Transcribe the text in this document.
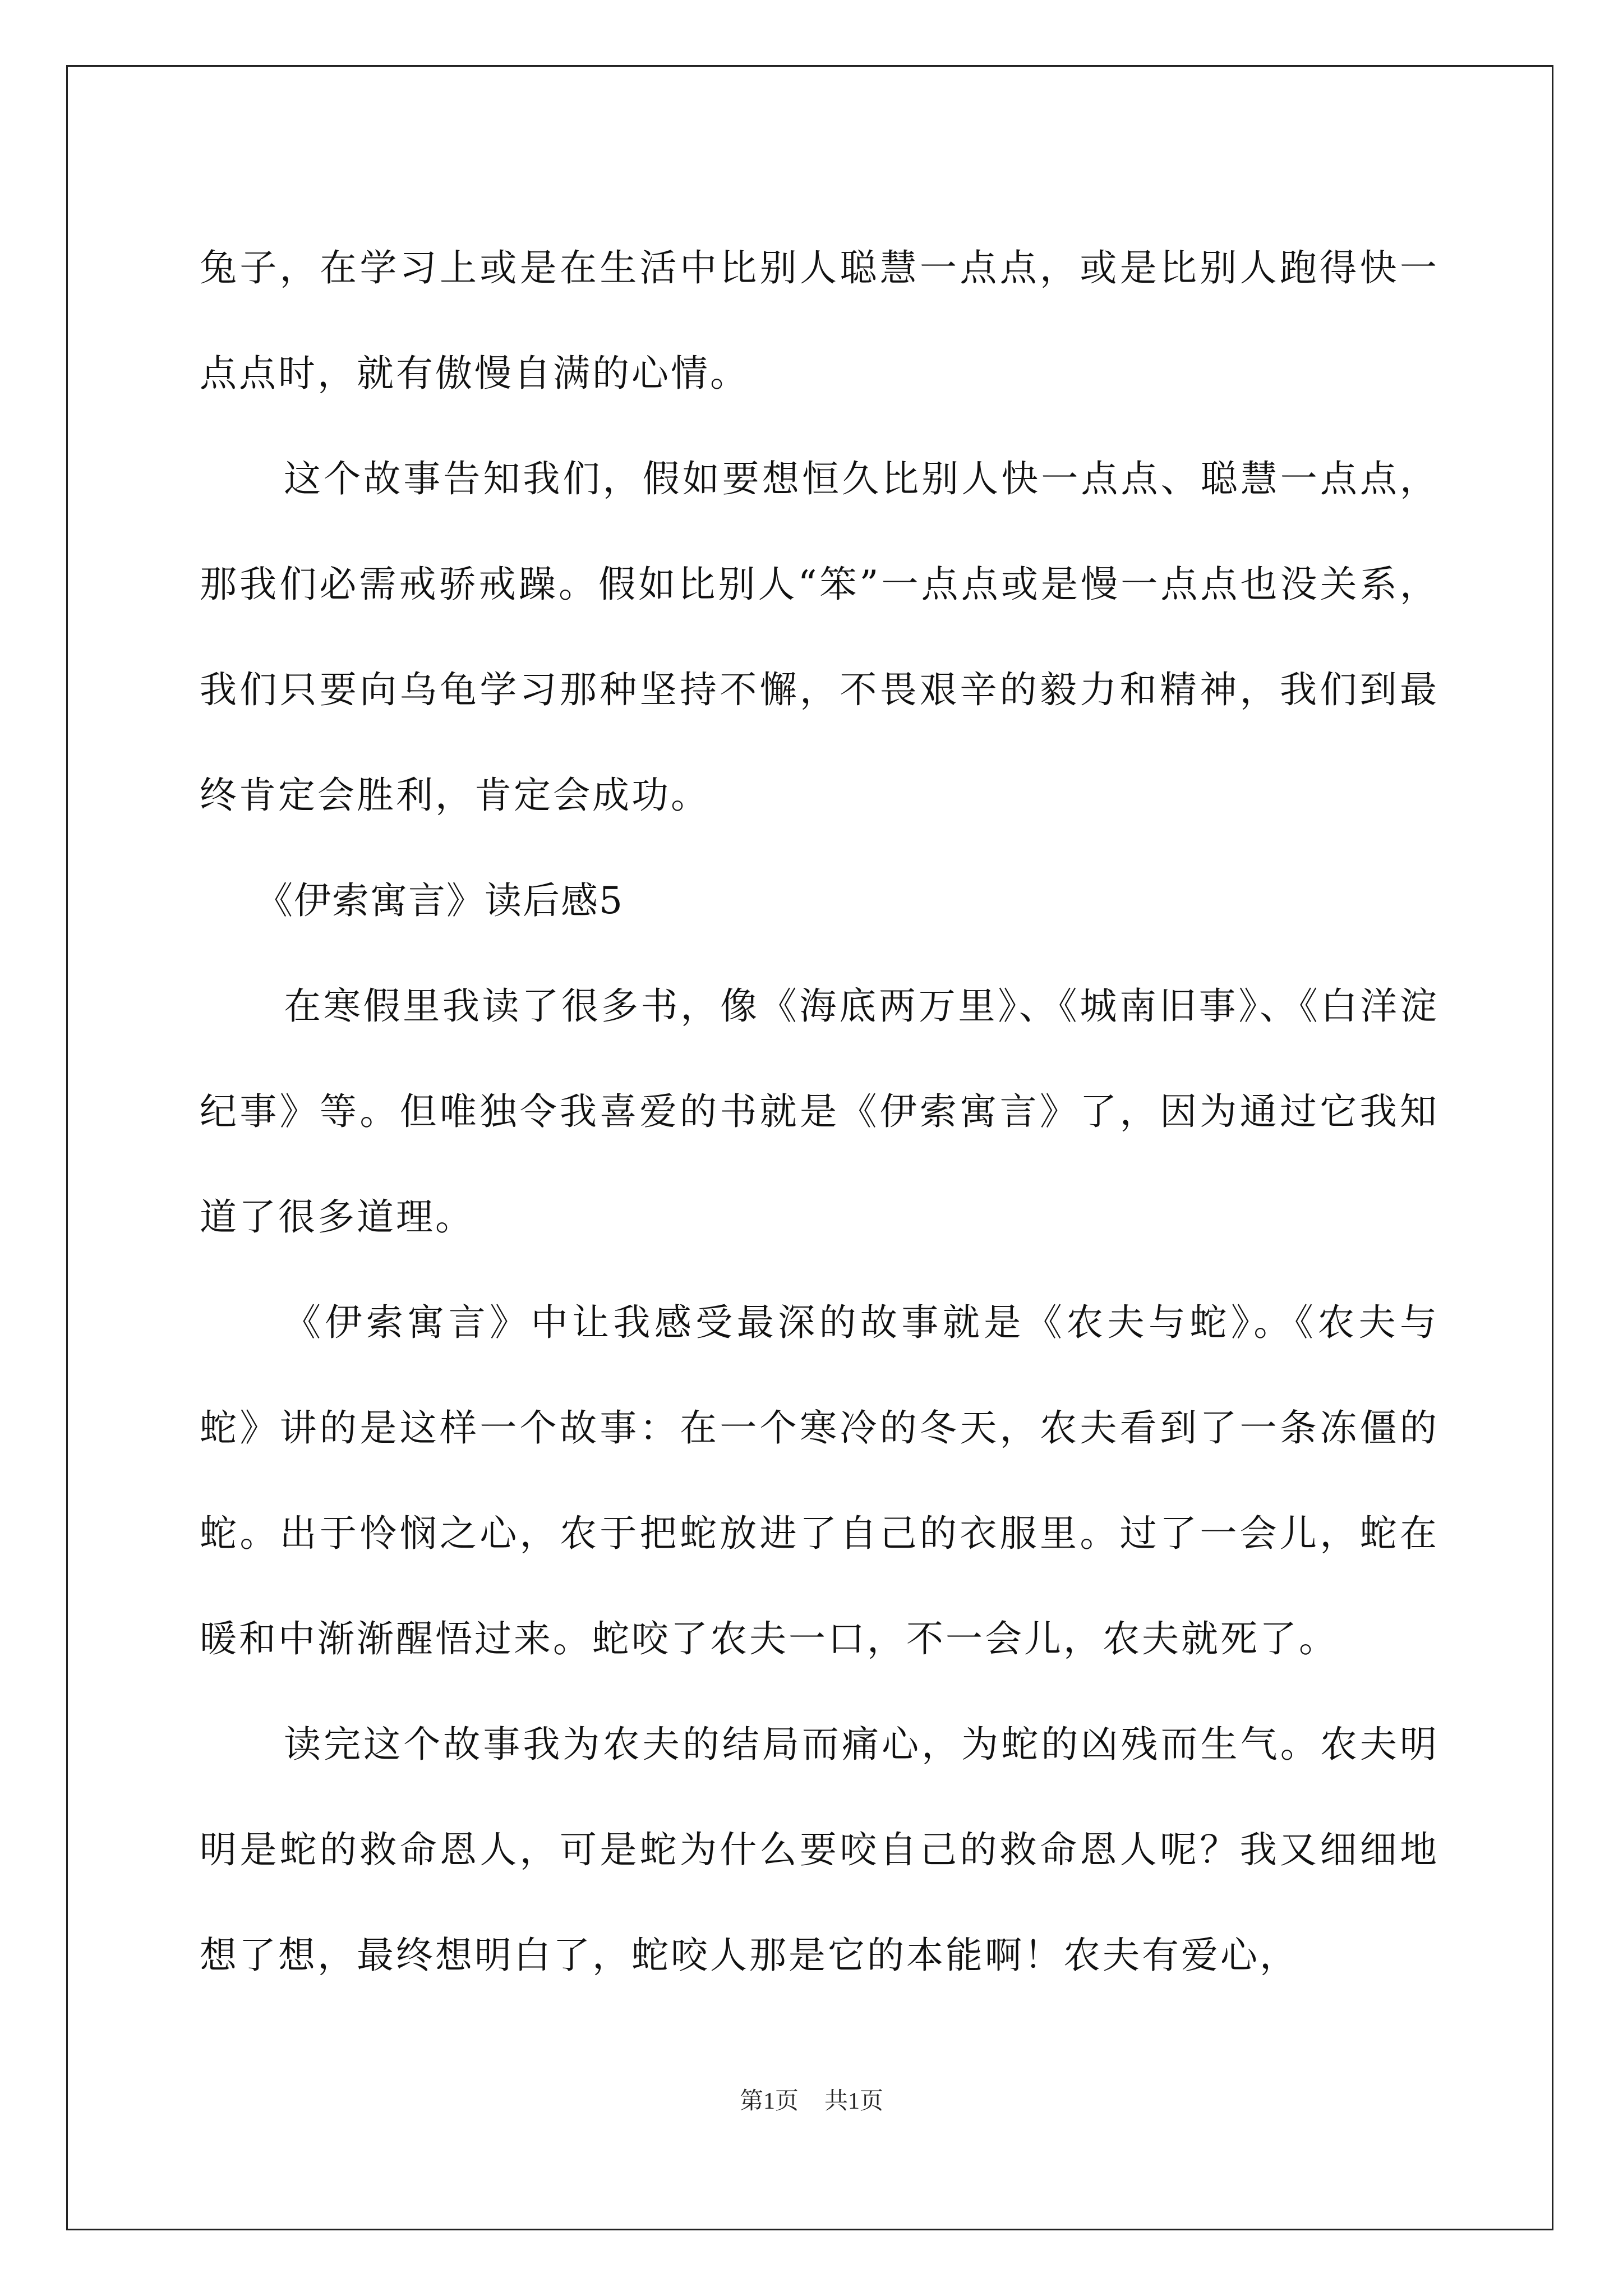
兔子，在学习上或是在生活中比别人聪慧一点点，或是比别人跑得快一点点时，就有傲慢自满的心情。

这个故事告知我们，假如要想恒久比别人快一点点、聪慧一点点，那我们必需戒骄戒躁。假如比别人“笨”一点点或是慢一点点也没关系，我们只要向乌龟学习那种坚持不懈，不畏艰辛的毅力和精神，我们到最终肯定会胜利，肯定会成功。

《伊索寓言》读后感5

在寒假里我读了很多书，像《海底两万里》、《城南旧事》、《白洋淀纪事》等。但唯独令我喜爱的书就是《伊索寓言》了，因为通过它我知道了很多道理。

《伊索寓言》中让我感受最深的故事就是《农夫与蛇》。《农夫与蛇》讲的是这样一个故事：在一个寒冷的冬天，农夫看到了一条冻僵的蛇。出于怜悯之心，农于把蛇放进了自己的衣服里。过了一会儿，蛇在暖和中渐渐醒悟过来。蛇咬了农夫一口，不一会儿，农夫就死了。

读完这个故事我为农夫的结局而痛心，为蛇的凶残而生气。农夫明明是蛇的救命恩人，可是蛇为什么要咬自己的救命恩人呢？我又细细地想了想，最终想明白了，蛇咬人那是它的本能啊！农夫有爱心，

第1页 共1页
